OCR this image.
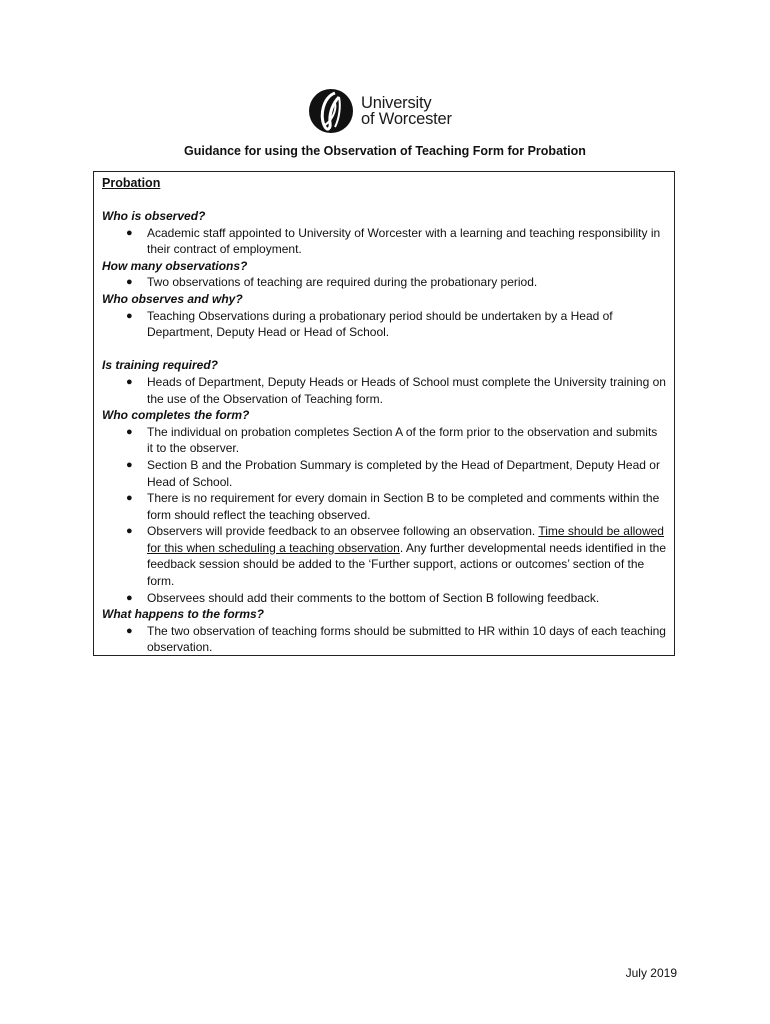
University
of Worcester
Guidance for using the Observation of Teaching Form for Probation
Probation
Who is observed?
● Academic staff appointed to University of Worcester with a learning and teaching responsibility in their contract of employment.
How many observations?
● Two observations of teaching are required during the probationary period.
Who observes and why?
● Teaching Observations during a probationary period should be undertaken by a Head of Department, Deputy Head or Head of School.
Is training required?
● Heads of Department, Deputy Heads or Heads of School must complete the University training on the use of the Observation of Teaching form.
Who completes the form?
● The individual on probation completes Section A of the form prior to the observation and submits it to the observer.
● Section B and the Probation Summary is completed by the Head of Department, Deputy Head or Head of School.
● There is no requirement for every domain in Section B to be completed and comments within the form should reflect the teaching observed.
● Observers will provide feedback to an observee following an observation. Time should be allowed for this when scheduling a teaching observation. Any further developmental needs identified in the feedback session should be added to the ‘Further support, actions or outcomes’ section of the form.
● Observees should add their comments to the bottom of Section B following feedback.
What happens to the forms?
● The two observation of teaching forms should be submitted to HR within 10 days of each teaching observation.
July 2019
